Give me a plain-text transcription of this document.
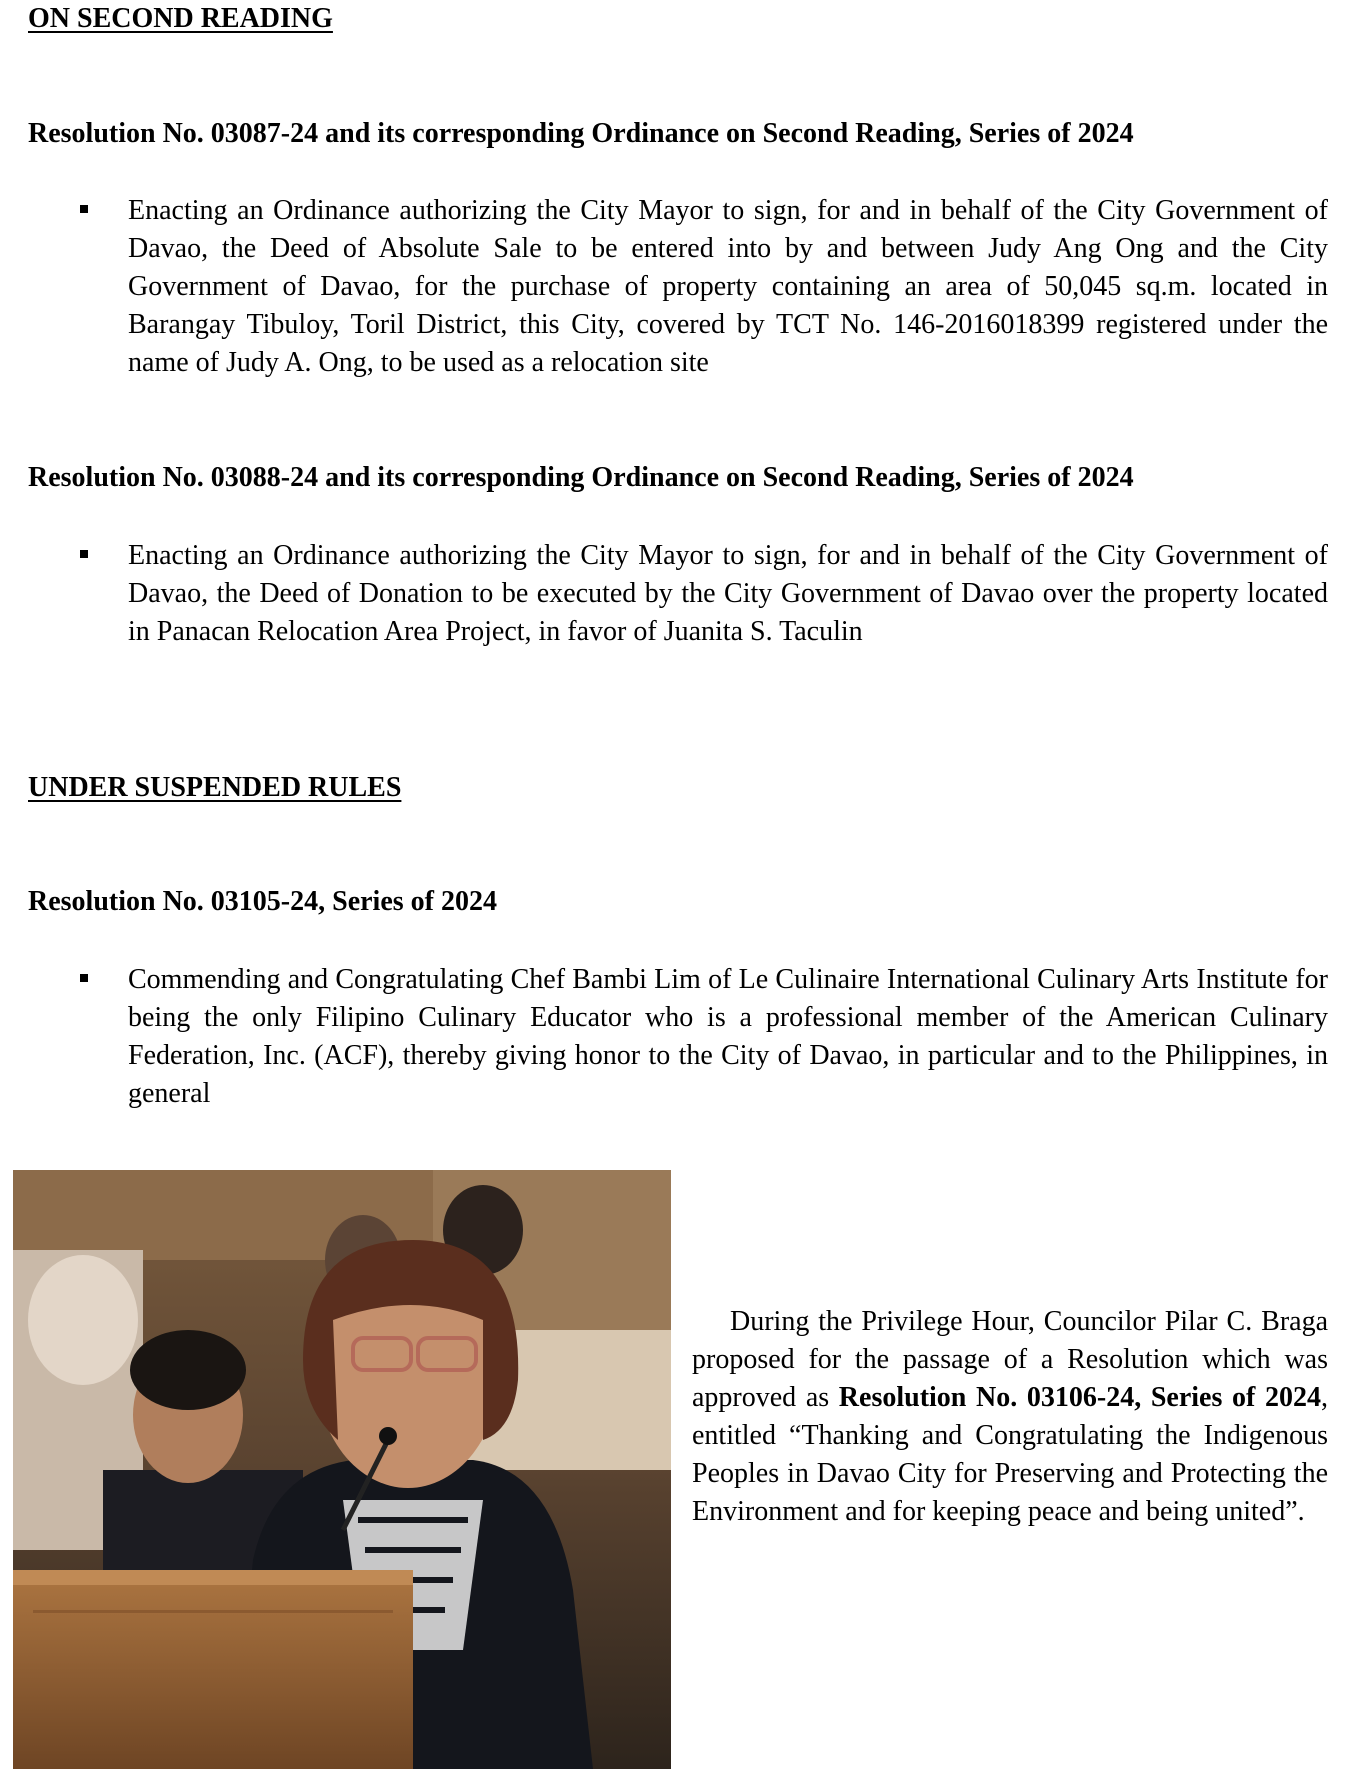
ON SECOND READING
Resolution No. 03087-24 and its corresponding Ordinance on Second Reading, Series of 2024

Enacting an Ordinance authorizing the City Mayor to sign, for and in behalf of the City Government of Davao, the Deed of Absolute Sale to be entered into by and between Judy Ang Ong and the City Government of Davao, for the purchase of property containing an area of 50,045 sq.m. located in Barangay Tibuloy, Toril District, this City, covered by TCT No. 146-2016018399 registered under the name of Judy A. Ong, to be used as a relocation site

Resolution No. 03088-24 and its corresponding Ordinance on Second Reading, Series of 2024

Enacting an Ordinance authorizing the City Mayor to sign, for and in behalf of the City Government of Davao, the Deed of Donation to be executed by the City Government of Davao over the property located in Panacan Relocation Area Project, in favor of Juanita S. Taculin

UNDER SUSPENDED RULES
Resolution No. 03105-24, Series of 2024

Commending and Congratulating Chef Bambi Lim of Le Culinaire International Culinary Arts Institute for being the only Filipino Culinary Educator who is a professional member of the American Culinary Federation, Inc. (ACF), thereby giving honor to the City of Davao, in particular and to the Philippines, in general

During the Privilege Hour, Councilor Pilar C. Braga proposed for the passage of a Resolution which was approved as Resolution No. 03106-24, Series of 2024, entitled “Thanking and Congratulating the Indigenous Peoples in Davao City for Preserving and Protecting the Environment and for keeping peace and being united”.
